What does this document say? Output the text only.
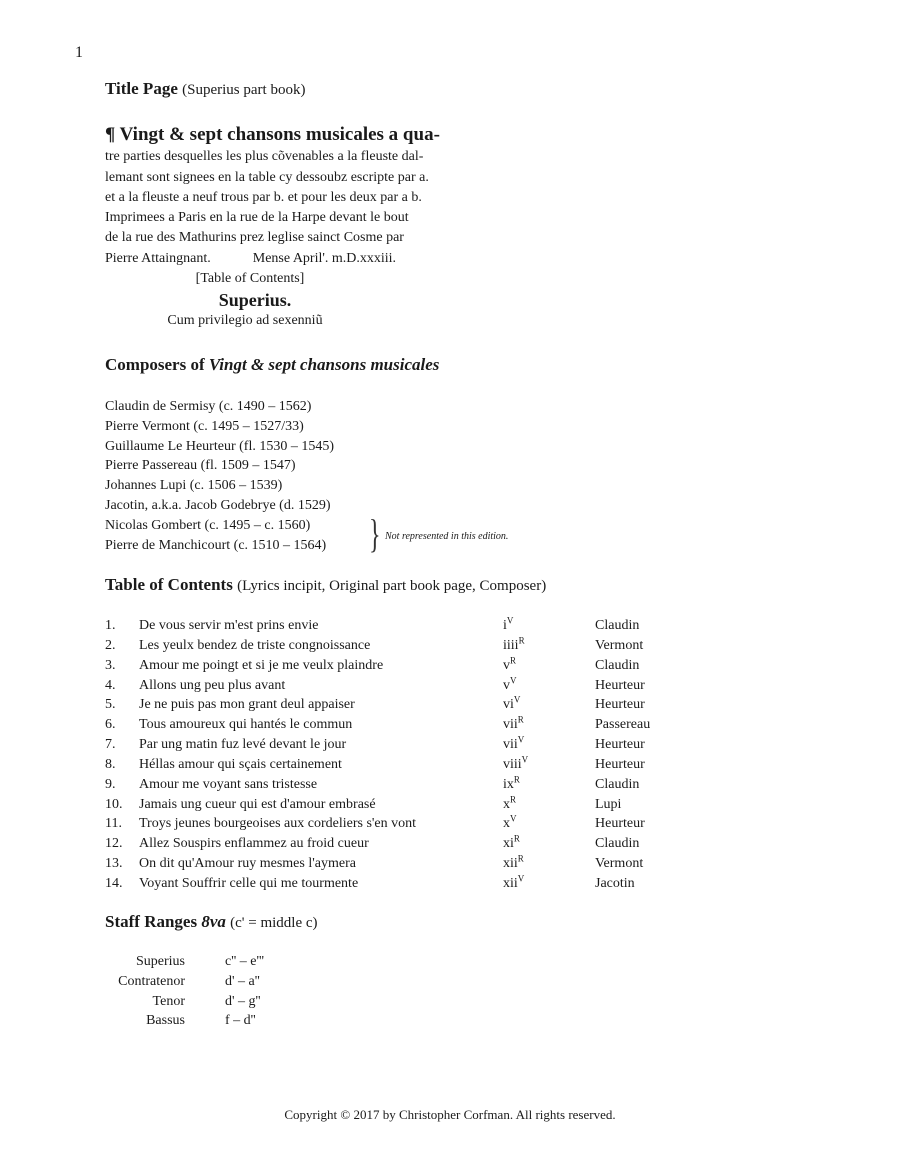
1
Title Page (Superius part book)
¶ Vingt & sept chansons musicales a qua-
tre parties desquelles les plus cõvenables a la fleuste dal-
lemant sont signees en la table cy dessoubz escripte par a.
et a la fleuste a neuf trous par b. et pour les deux par a b.
Imprimees a Paris en la rue de la Harpe devant le bout
de la rue des Mathurins prez leglise sainct Cosme par
Pierre Attaingnant.	Mense April'. m.D.xxxiii.
[Table of Contents]
Superius.
Cum privilegio ad sexenniũ
Composers of Vingt & sept chansons musicales
Claudin de Sermisy (c. 1490 – 1562)
Pierre Vermont (c. 1495 – 1527/33)
Guillaume Le Heurteur (fl. 1530 – 1545)
Pierre Passereau (fl. 1509 – 1547)
Johannes Lupi (c. 1506 – 1539)
Jacotin, a.k.a. Jacob Godebrye (d. 1529)
Nicolas Gombert (c. 1495 – c. 1560)
Pierre de Manchicourt (c. 1510 – 1564) } Not represented in this edition.
Table of Contents (Lyrics incipit, Original part book page, Composer)
1. De vous servir m'est prins envie	$i^V$	Claudin
2. Les yeulx bendez de triste congnoissance	iiii$^R$	Vermont
3. Amour me poingt et si je me veulx plaindre	$v^R$	Claudin
4. Allons ung peu plus avant	$v^V$	Heurteur
5. Je ne puis pas mon grant deul appaiser	$vi^V$	Heurteur
6. Tous amoureux qui hantés le commun	vii$^R$	Passereau
7. Par ung matin fuz levé devant le jour	vii$^V$	Heurteur
8. Héllas amour qui sçais certainement	viii$^V$	Heurteur
9. Amour me voyant sans tristesse	$ix^R$	Claudin
10. Jamais ung cueur qui est d'amour embrasé	$x^R$	Lupi
11. Troys jeunes bourgeoises aux cordeliers s'en vont	$x^V$	Heurteur
12. Allez Souspirs enflammez au froid cueur	$xi^R$	Claudin
13. On dit qu'Amour ruy mesmes l'aymera	xii$^R$	Vermont
14. Voyant Souffrir celle qui me tourmente	xii$^V$	Jacotin
Staff Ranges 8va (c' = middle c)
Superius	c'' – e'''
Contratenor	d' – a''
Tenor	d' – g''
Bassus	f – d''
Copyright © 2017 by Christopher Corfman. All rights reserved.
